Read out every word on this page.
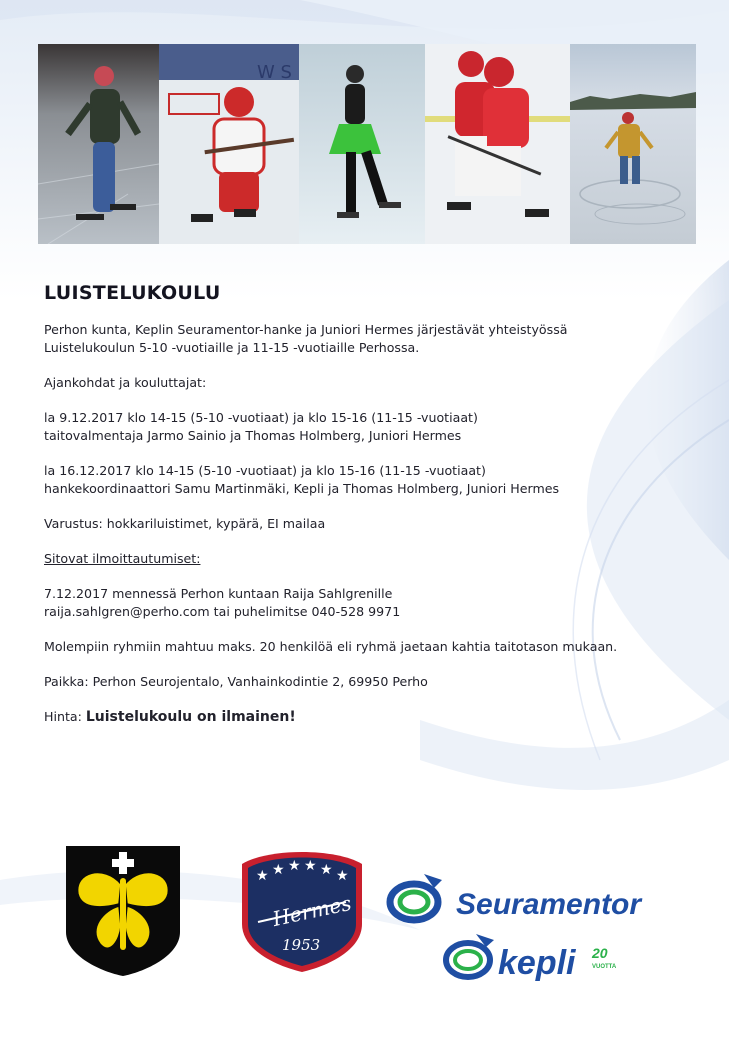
W S
LUISTELUKOULU
Perhon kunta, Keplin Seuramentor-hanke ja Juniori Hermes järjestävät yhteistyössä
Luistelukoulun 5-10 -vuotiaille ja 11-15 -vuotiaille Perhossa.
Ajankohdat ja kouluttajat:
la 9.12.2017 klo 14-15 (5-10 -vuotiaat) ja klo 15-16 (11-15 -vuotiaat)
taitovalmentaja Jarmo Sainio ja Thomas Holmberg, Juniori Hermes
la 16.12.2017 klo 14-15 (5-10 -vuotiaat) ja klo 15-16 (11-15 -vuotiaat)
hankekoordinaattori Samu Martinmäki, Kepli ja Thomas Holmberg, Juniori Hermes
Varustus: hokkariluistimet, kypärä, EI mailaa
Sitovat ilmoittautumiset:
7.12.2017 mennessä Perhon kuntaan Raija Sahlgrenille
raija.sahlgren@perho.com tai puhelimitse 040-528 9971
Molempiin ryhmiin mahtuu maks. 20 henkilöä eli ryhmä jaetaan kahtia taitotason mukaan.
Paikka: Perhon Seurojentalo, Vanhainkodintie 2, 69950 Perho
Hinta: Luistelukoulu on ilmainen!
★ ★ ★ ★ ★ ★
Hermes
1953
Seuramentor
kepli 20
VUOTTA
